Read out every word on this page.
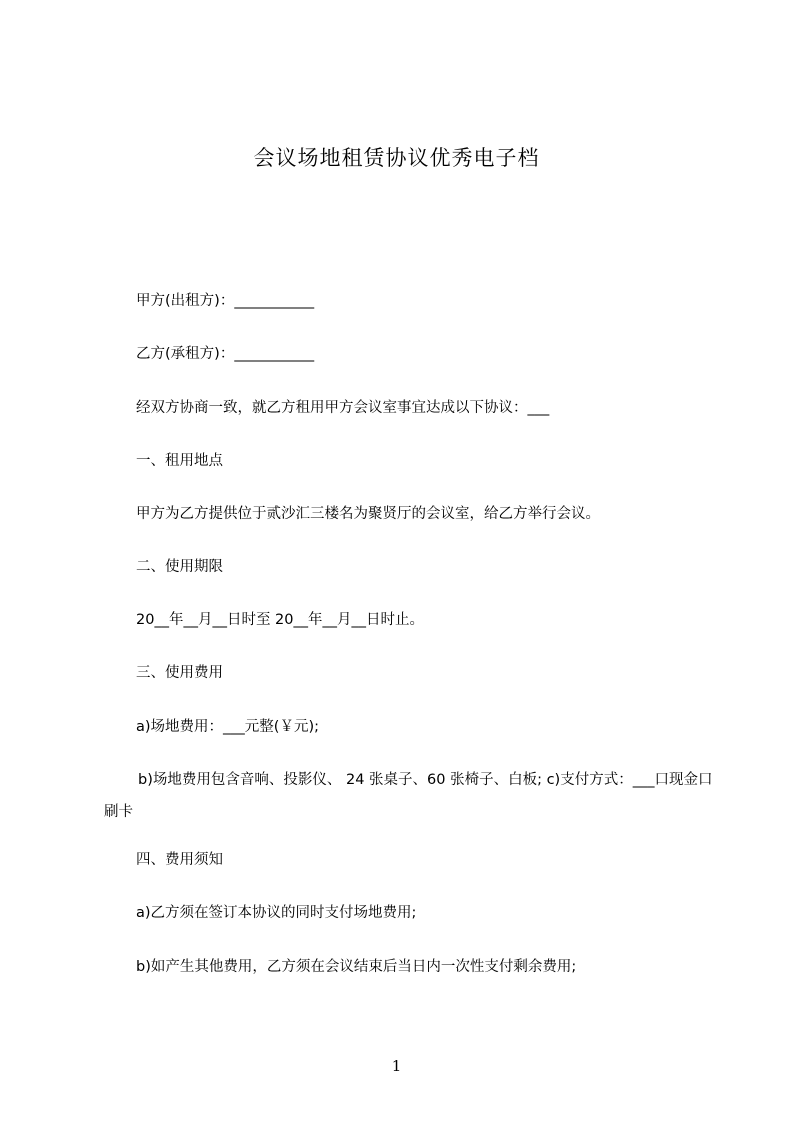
会议场地租赁协议优秀电子档
甲方(出租方)：___________
乙方(承租方)：___________
经双方协商一致，就乙方租用甲方会议室事宜达成以下协议：___
一、租用地点
甲方为乙方提供位于贰沙汇三楼名为聚贤厅的会议室，给乙方举行会议。
二、使用期限
20__年__月__日时至 20__年__月__日时止。
三、使用费用
a)场地费用：___元整(￥元);
b)场地费用包含音响、投影仪、 24 张桌子、60 张椅子、白板; c)支付方式：___口现金口刷卡
四、费用须知
a)乙方须在签订本协议的同时支付场地费用;
b)如产生其他费用，乙方须在会议结束后当日内一次性支付剩余费用;
1
